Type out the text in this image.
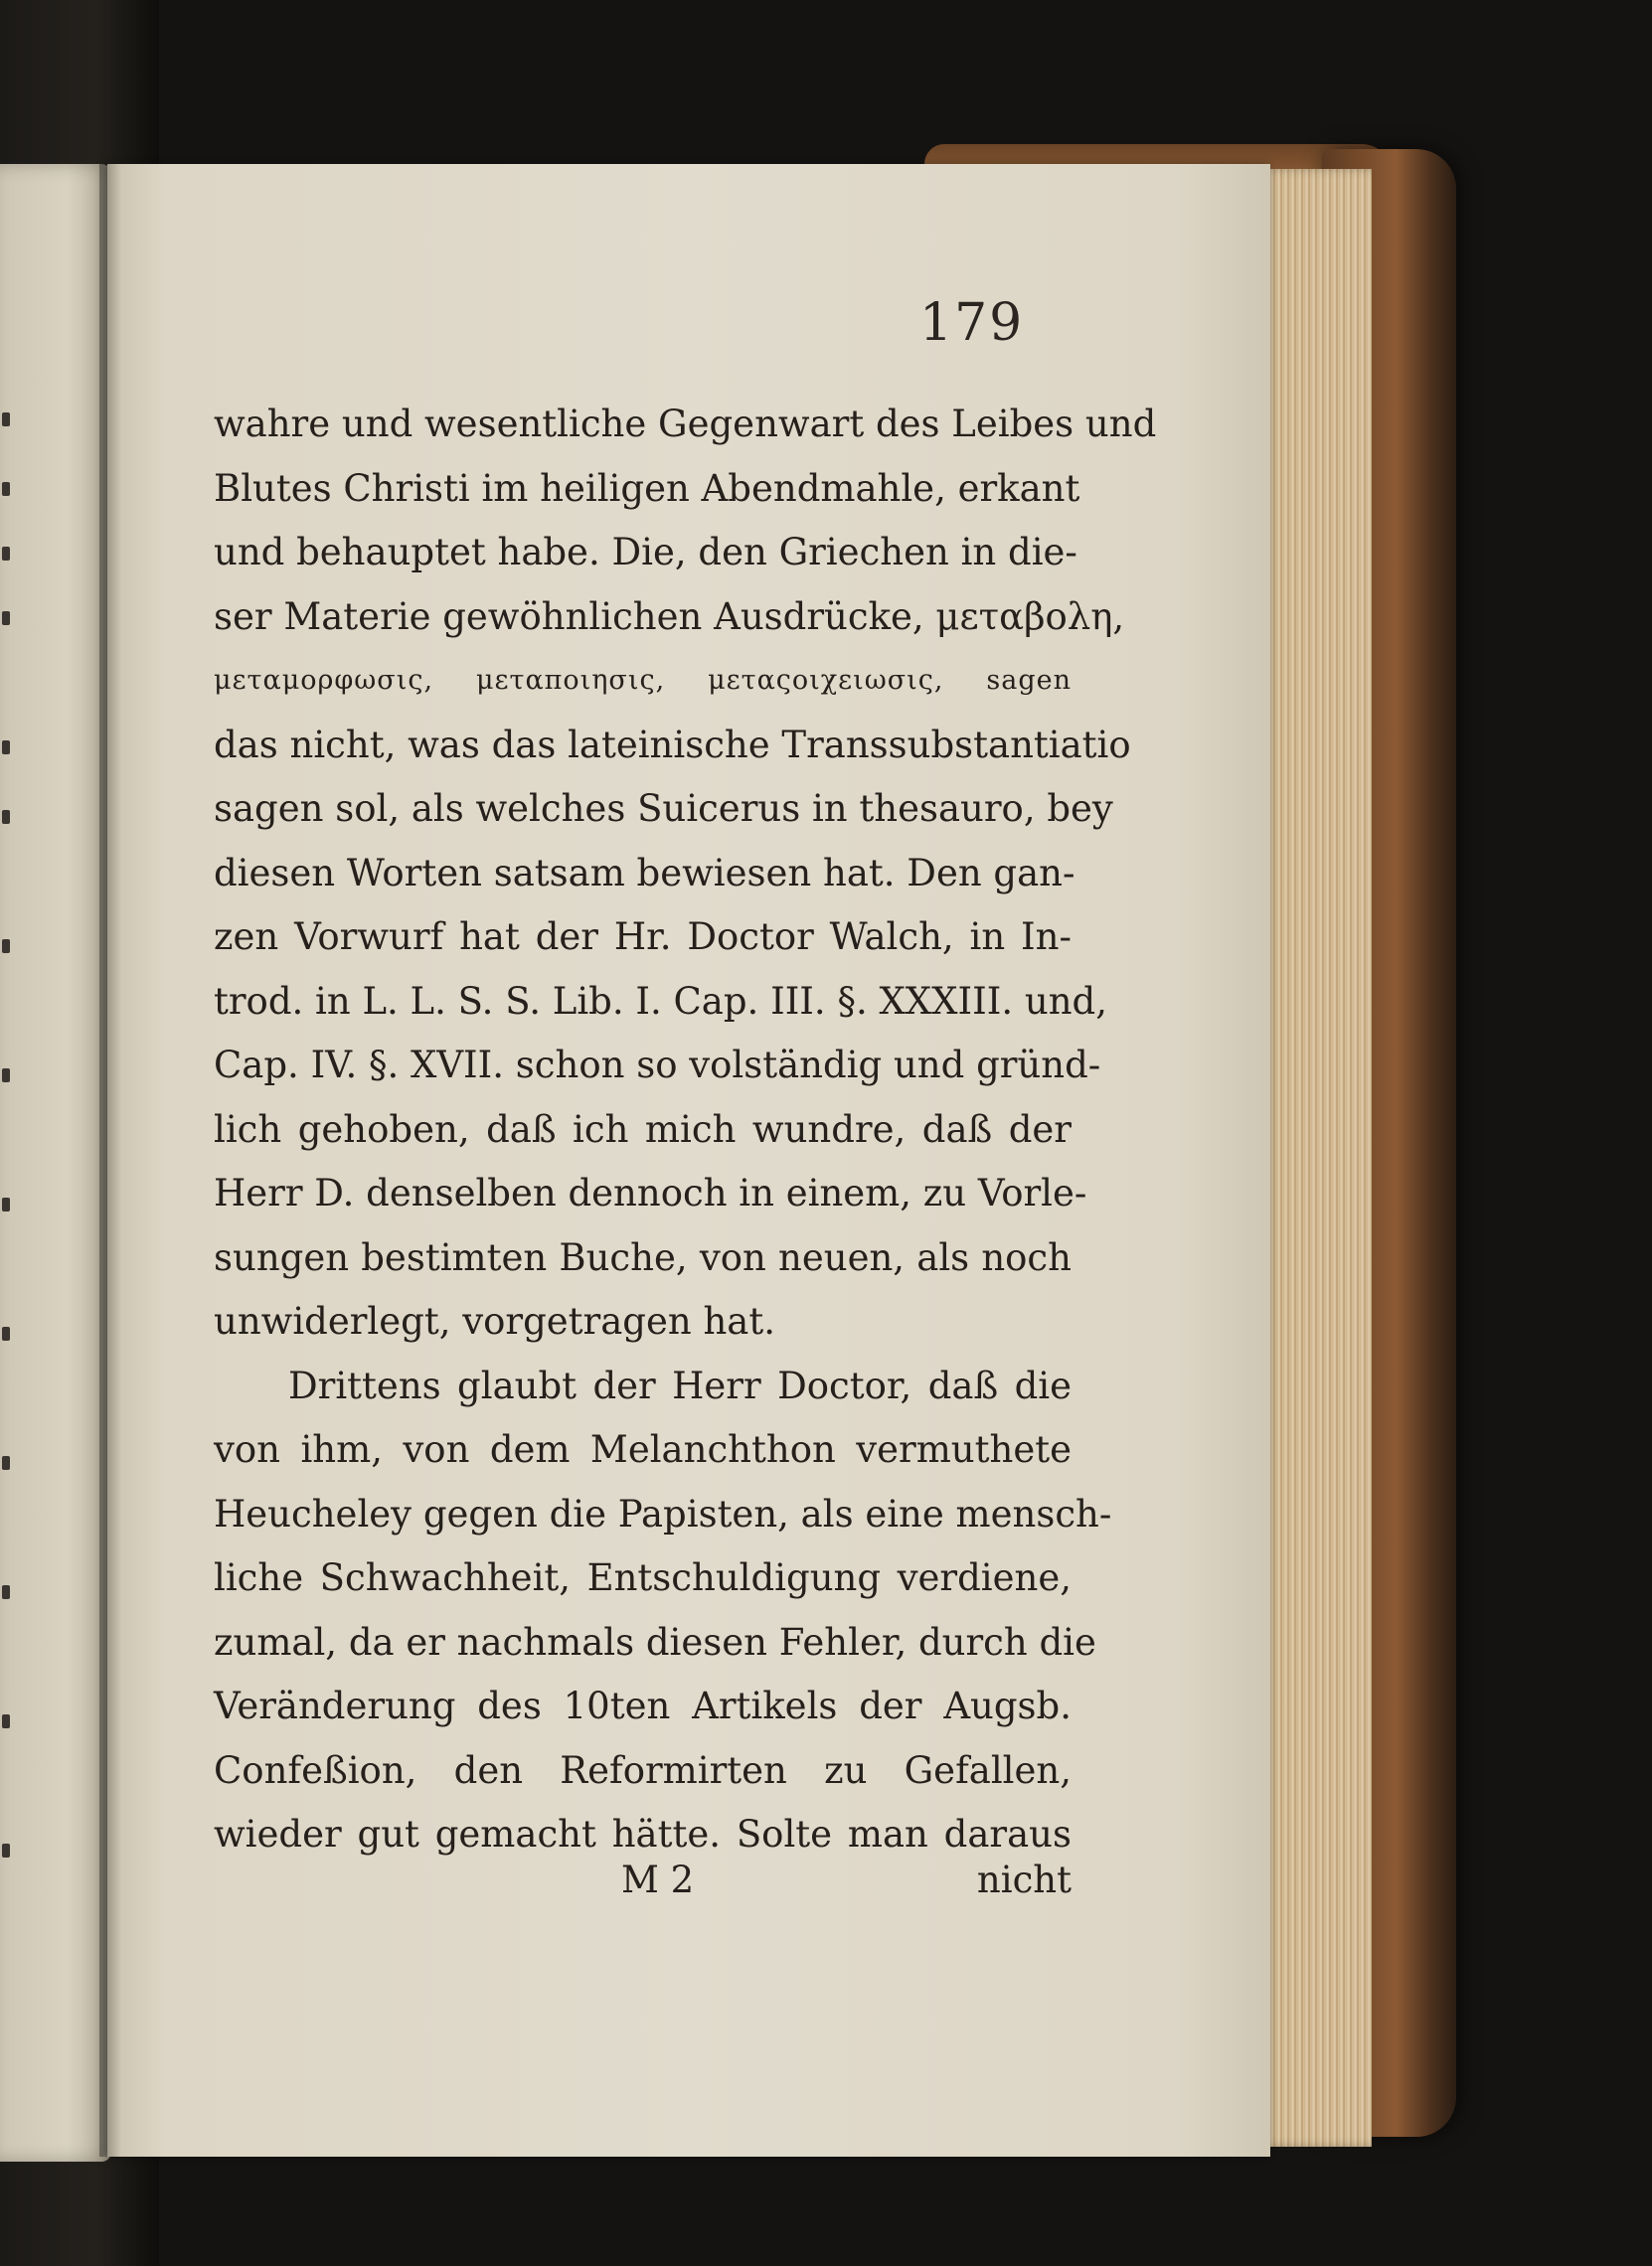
179
wahre und wesentliche Gegenwart des Leibes und
Blutes Christi im heiligen Abendmahle, erkant
und behauptet habe. Die, den Griechen in die-
ser Materie gewöhnlichen Ausdrücke, μεταβολη,
μεταμορφωσις, μεταποιησις, μεταςοιχειωσις, sagen
das nicht, was das lateinische Transsubstantiatio
sagen sol, als welches Suicerus in thesauro, bey
diesen Worten satsam bewiesen hat. Den gan-
zen Vorwurf hat der Hr. Doctor Walch, in In-
trod. in L. L. S. S. Lib. I. Cap. III. §. XXXIII. und,
Cap. IV. §. XVII. schon so volständig und gründ-
lich gehoben, daß ich mich wundre, daß der
Herr D. denselben dennoch in einem, zu Vorle-
sungen bestimten Buche, von neuen, als noch
unwiderlegt, vorgetragen hat.
Drittens glaubt der Herr Doctor, daß die
von ihm, von dem Melanchthon vermuthete
Heucheley gegen die Papisten, als eine mensch-
liche Schwachheit, Entschuldigung verdiene,
zumal, da er nachmals diesen Fehler, durch die
Veränderung des 10ten Artikels der Augsb.
Confeßion, den Reformirten zu Gefallen,
wieder gut gemacht hätte. Solte man daraus
M 2	nicht
